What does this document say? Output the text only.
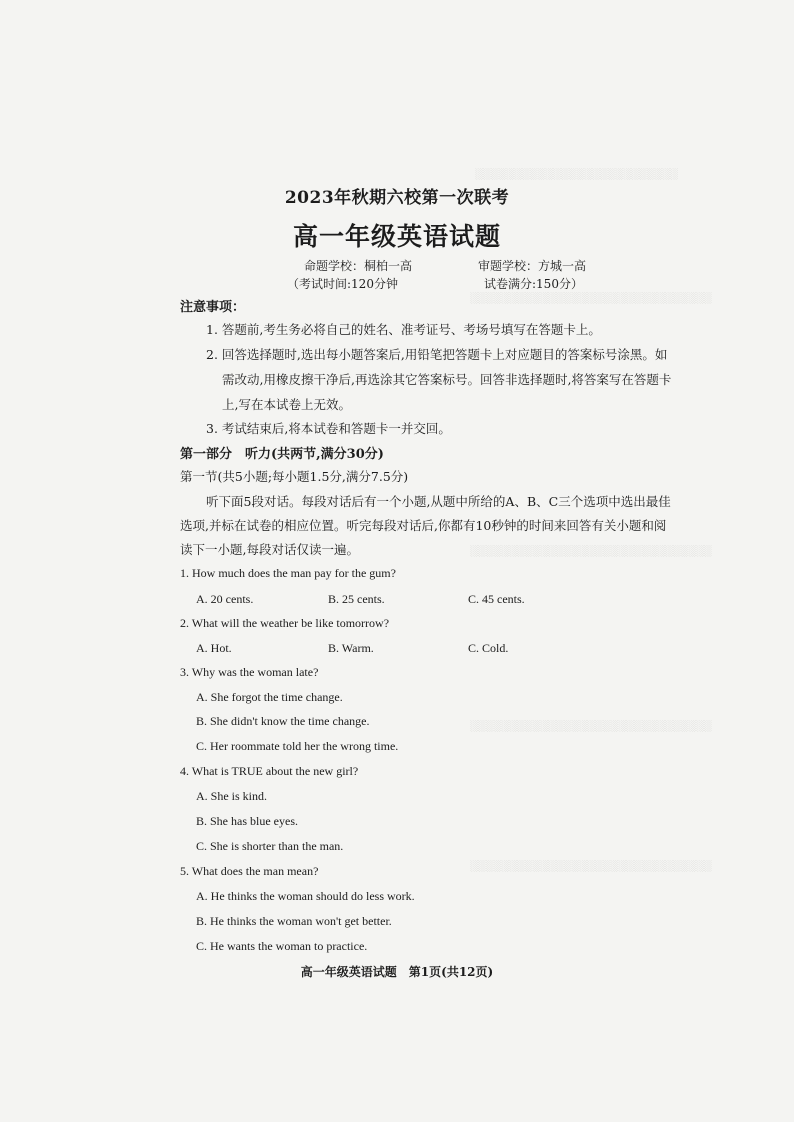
░░░░░░░░░░░░░░░░░░░░░░░░░░
░░░░░░░░░░░░░░░░░░░░░░░░░░░░░░░
░░░░░░░░░░░░░░░░░░░░░░░░░░░░░░░
░░░░░░░░░░░░░░░░░░░░░░░░░░░░░░░
░░░░░░░░░░░░░░░░░░░░░░░░░░░░░░░
2023年秋期六校第一次联考
高一年级英语试题
命题学校：桐柏一高	审题学校：方城一高
（考试时间:120分钟	试卷满分:150分）
注意事项：
1. 答题前,考生务必将自己的姓名、准考证号、考场号填写在答题卡上。
2. 回答选择题时,选出每小题答案后,用铅笔把答题卡上对应题目的答案标号涂黑。如
需改动,用橡皮擦干净后,再选涂其它答案标号。回答非选择题时,将答案写在答题卡
上,写在本试卷上无效。
3. 考试结束后,将本试卷和答题卡一并交回。
第一部分　听力(共两节,满分30分)
第一节(共5小题;每小题1.5分,满分7.5分)
听下面5段对话。每段对话后有一个小题,从题中所给的A、B、C三个选项中选出最佳
选项,并标在试卷的相应位置。听完每段对话后,你都有10秒钟的时间来回答有关小题和阅
读下一小题,每段对话仅读一遍。
1. How much does the man pay for the gum?
A. 20 cents.	B. 25 cents.	C. 45 cents.
2. What will the weather be like tomorrow?
A. Hot.	B. Warm.	C. Cold.
3. Why was the woman late?
A. She forgot the time change.
B. She didn't know the time change.
C. Her roommate told her the wrong time.
4. What is TRUE about the new girl?
A. She is kind.
B. She has blue eyes.
C. She is shorter than the man.
5. What does the man mean?
A. He thinks the woman should do less work.
B. He thinks the woman won't get better.
C. He wants the woman to practice.
高一年级英语试题　第1页(共12页)
